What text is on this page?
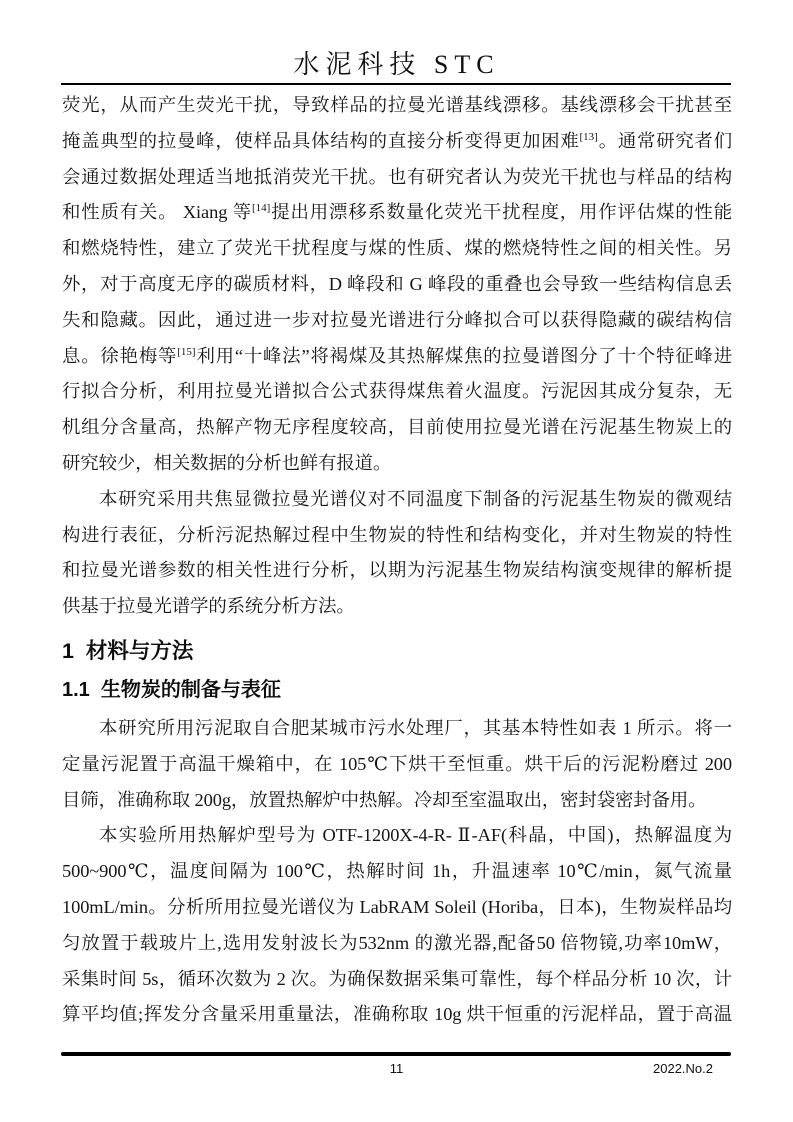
水泥科技 STC
荧光，从而产生荧光干扰，导致样品的拉曼光谱基线漂移。基线漂移会干扰甚至
掩盖典型的拉曼峰，使样品具体结构的直接分析变得更加困难[13]。通常研究者们
会通过数据处理适当地抵消荧光干扰。也有研究者认为荧光干扰也与样品的结构
和性质有关。 Xiang 等[14]提出用漂移系数量化荧光干扰程度，用作评估煤的性能
和燃烧特性，建立了荧光干扰程度与煤的性质、煤的燃烧特性之间的相关性。另
外，对于高度无序的碳质材料，D 峰段和 G 峰段的重叠也会导致一些结构信息丢
失和隐藏。因此，通过进一步对拉曼光谱进行分峰拟合可以获得隐藏的碳结构信
息。徐艳梅等[15]利用“十峰法”将褐煤及其热解煤焦的拉曼谱图分了十个特征峰进
行拟合分析，利用拉曼光谱拟合公式获得煤焦着火温度。污泥因其成分复杂，无
机组分含量高，热解产物无序程度较高，目前使用拉曼光谱在污泥基生物炭上的
研究较少，相关数据的分析也鲜有报道。
本研究采用共焦显微拉曼光谱仪对不同温度下制备的污泥基生物炭的微观结
构进行表征，分析污泥热解过程中生物炭的特性和结构变化，并对生物炭的特性
和拉曼光谱参数的相关性进行分析，以期为污泥基生物炭结构演变规律的解析提
供基于拉曼光谱学的系统分析方法。
1  材料与方法
1.1  生物炭的制备与表征
本研究所用污泥取自合肥某城市污水处理厂，其基本特性如表 1 所示。将一
定量污泥置于高温干燥箱中，在 105℃下烘干至恒重。烘干后的污泥粉磨过 200
目筛，准确称取 200g，放置热解炉中热解。冷却至室温取出，密封袋密封备用。
本实验所用热解炉型号为 OTF-1200X-4-R- Ⅱ-AF(科晶，中国)，热解温度为
500~900℃，温度间隔为 100℃，热解时间 1h，升温速率 10℃/min，氮气流量
100mL/min。分析所用拉曼光谱仪为 LabRAM Soleil (Horiba，日本)，生物炭样品均
匀放置于载玻片上,选用发射波长为532nm 的激光器,配备50 倍物镜,功率10mW，
采集时间 5s，循环次数为 2 次。为确保数据采集可靠性，每个样品分析 10 次，计
算平均值;挥发分含量采用重量法，准确称取 10g 烘干恒重的污泥样品，置于高温
11	2022.No.2
